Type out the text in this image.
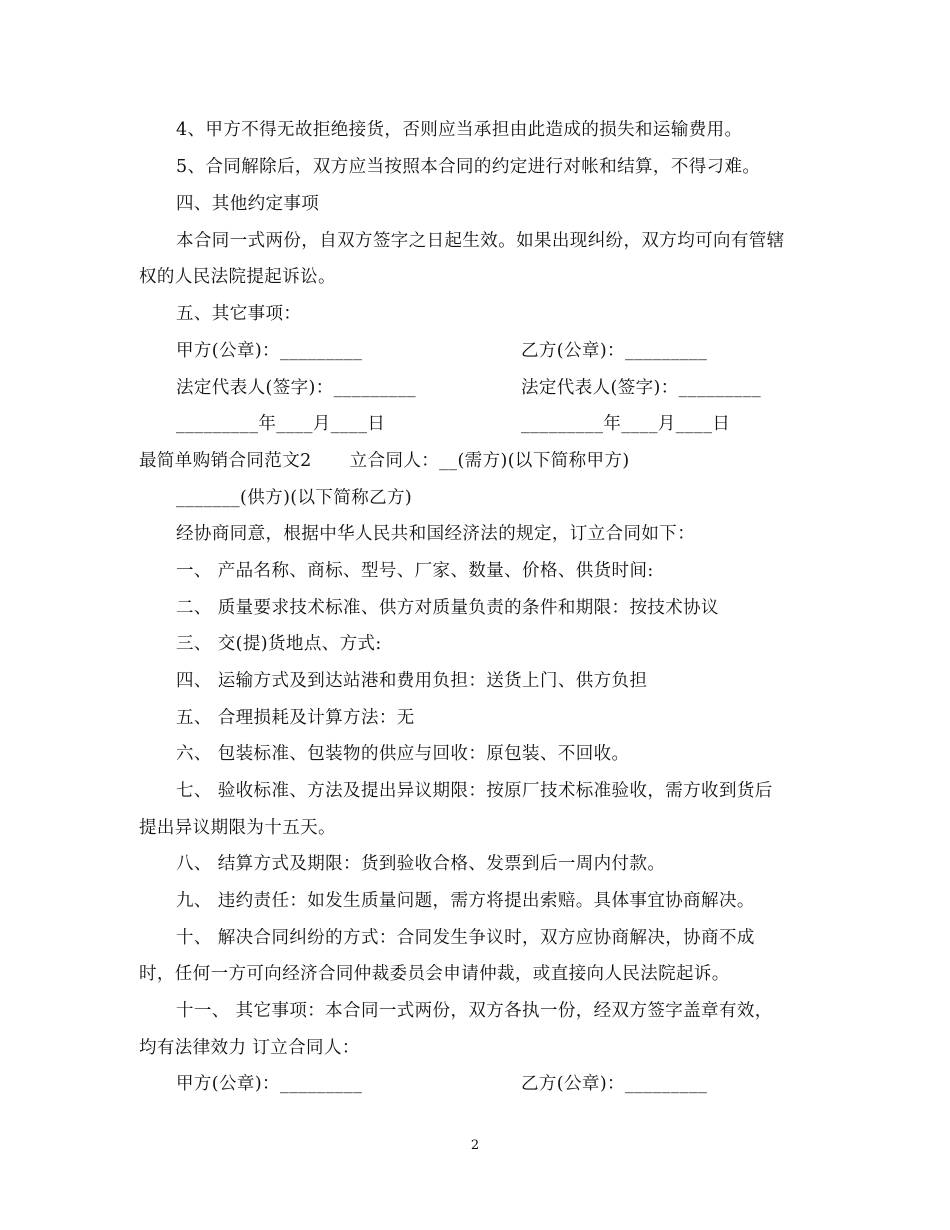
4、甲方不得无故拒绝接货，否则应当承担由此造成的损失和运输费用。
5、合同解除后，双方应当按照本合同的约定进行对帐和结算，不得刁难。
四、其他约定事项
本合同一式两份，自双方签字之日起生效。如果出现纠纷，双方均可向有管辖
权的人民法院提起诉讼。
五、其它事项：
甲方(公章)：_________	乙方(公章)：_________
法定代表人(签字)：_________	法定代表人(签字)：_________
_________年____月____日	_________年____月____日
最简单购销合同范文2 立合同人：__(需方)(以下简称甲方)
_______(供方)(以下简称乙方)
经协商同意，根据中华人民共和国经济法的规定，订立合同如下：
一、 产品名称、商标、型号、厂家、数量、价格、供货时间:
二、 质量要求技术标准、供方对质量负责的条件和期限：按技术协议
三、 交(提)货地点、方式:
四、 运输方式及到达站港和费用负担：送货上门、供方负担
五、 合理损耗及计算方法：无
六、 包装标准、包装物的供应与回收：原包装、不回收。
七、 验收标准、方法及提出异议期限：按原厂技术标准验收，需方收到货后
提出异议期限为十五天。
八、 结算方式及期限：货到验收合格、发票到后一周内付款。
九、 违约责任：如发生质量问题，需方将提出索赔。具体事宜协商解决。
十、 解决合同纠纷的方式：合同发生争议时，双方应协商解决，协商不成
时，任何一方可向经济合同仲裁委员会申请仲裁，或直接向人民法院起诉。
十一、 其它事项：本合同一式两份，双方各执一份，经双方签字盖章有效，
均有法律效力 订立合同人：
甲方(公章)：_________	乙方(公章)：_________
2
